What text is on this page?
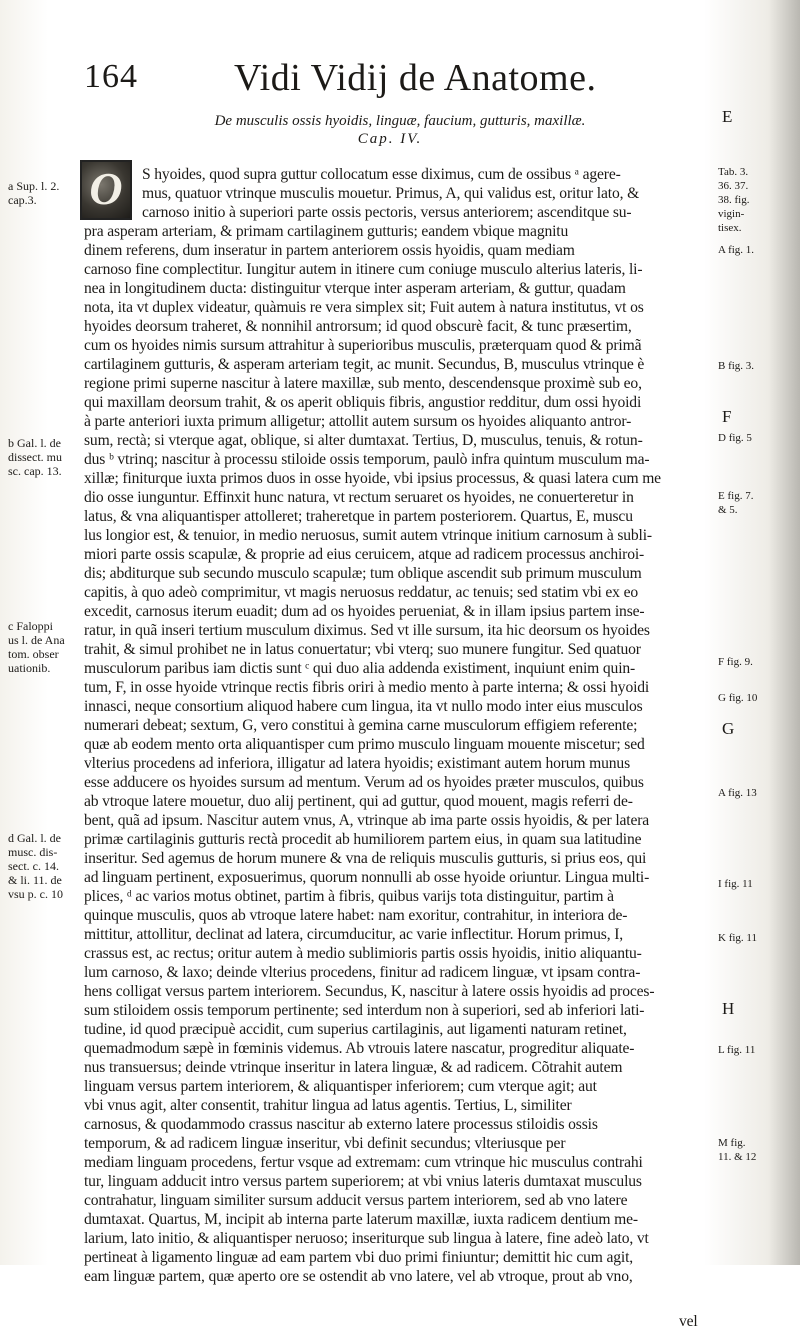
164	Vidi Vidij de Anatome.
De musculis ossis hyoidis, linguæ, faucium, gutturis, maxillæ.
Cap. IV.
O	S hyoides, quod supra guttur collocatum esse diximus, cum de ossibus ᵃ agere-
mus, quatuor vtrinque musculis mouetur. Primus, A, qui validus est, oritur lato, &
carnoso initio à superiori parte ossis pectoris, versus anteriorem; ascenditque su-
pra asperam arteriam, & primam cartilaginem gutturis; eandem vbique magnitu
dinem referens, dum inseratur in partem anteriorem ossis hyoidis, quam mediam
carnoso fine complectitur. Iungitur autem in itinere cum coniuge musculo alterius lateris, li-
nea in longitudinem ducta: distinguitur vterque inter asperam arteriam, & guttur, quadam
nota, ita vt duplex videatur, quàmuis re vera simplex sit; Fuit autem à natura institutus, vt os
hyoides deorsum traheret, & nonnihil antrorsum; id quod obscurè facit, & tunc præsertim,
cum os hyoides nimis sursum attrahitur à superioribus musculis, præterquam quod & primã
cartilaginem gutturis, & asperam arteriam tegit, ac munit. Secundus, B, musculus vtrinque è
regione primi superne nascitur à latere maxillæ, sub mento, descendensque proximè sub eo,
qui maxillam deorsum trahit, & os aperit obliquis fibris, angustior redditur, dum ossi hyoidi
à parte anteriori iuxta primum alligetur; attollit autem sursum os hyoides aliquanto antror-
sum, rectà; si vterque agat, oblique, si alter dumtaxat. Tertius, D, musculus, tenuis, & rotun-
dus ᵇ vtrinq; nascitur à processu stiloide ossis temporum, paulò infra quintum musculum ma-
xillæ; finiturque iuxta primos duos in osse hyoide, vbi ipsius processus, & quasi latera cum me
dio osse iunguntur. Effinxit hunc natura, vt rectum seruaret os hyoides, ne conuerteretur in
latus, & vna aliquantisper attolleret; traheretque in partem posteriorem. Quartus, E, muscu
lus longior est, & tenuior, in medio neruosus, sumit autem vtrinque initium carnosum à subli-
miori parte ossis scapulæ, & proprie ad eius ceruicem, atque ad radicem processus anchiroi-
dis; abditurque sub secundo musculo scapulæ; tum oblique ascendit sub primum musculum
capitis, à quo adeò comprimitur, vt magis neruosus reddatur, ac tenuis; sed statim vbi ex eo
excedit, carnosus iterum euadit; dum ad os hyoides perueniat, & in illam ipsius partem inse-
ratur, in quã inseri tertium musculum diximus. Sed vt ille sursum, ita hic deorsum os hyoides
trahit, & simul prohibet ne in latus conuertatur; vbi vterq; suo munere fungitur. Sed quatuor
musculorum paribus iam dictis sunt ᶜ qui duo alia addenda existiment, inquiunt enim quin-
tum, F, in osse hyoide vtrinque rectis fibris oriri à medio mento à parte interna; & ossi hyoidi
innasci, neque consortium aliquod habere cum lingua, ita vt nullo modo inter eius musculos
numerari debeat; sextum, G, vero constitui à gemina carne musculorum effigiem referente;
quæ ab eodem mento orta aliquantisper cum primo musculo linguam mouente miscetur; sed
vlterius procedens ad inferiora, illigatur ad latera hyoidis; existimant autem horum munus
esse adducere os hyoides sursum ad mentum. Verum ad os hyoides præter musculos, quibus
ab vtroque latere mouetur, duo alij pertinent, qui ad guttur, quod mouent, magis referri de-
bent, quã ad ipsum. Nascitur autem vnus, A, vtrinque ab ima parte ossis hyoidis, & per latera
primæ cartilaginis gutturis rectà procedit ab humiliorem partem eius, in quam sua latitudine
inseritur. Sed agemus de horum munere & vna de reliquis musculis gutturis, si prius eos, qui
ad linguam pertinent, exposuerimus, quorum nonnulli ab osse hyoide oriuntur. Lingua multi-
plices, ᵈ ac varios motus obtinet, partim à fibris, quibus varijs tota distinguitur, partim à
quinque musculis, quos ab vtroque latere habet: nam exoritur, contrahitur, in interiora de-
mittitur, attollitur, declinat ad latera, circumducitur, ac varie inflectitur. Horum primus, I,
crassus est, ac rectus; oritur autem à medio sublimioris partis ossis hyoidis, initio aliquantu-
lum carnoso, & laxo; deinde vlterius procedens, finitur ad radicem linguæ, vt ipsam contra-
hens colligat versus partem interiorem. Secundus, K, nascitur à latere ossis hyoidis ad proces-
sum stiloidem ossis temporum pertinente; sed interdum non à superiori, sed ab inferiori lati-
tudine, id quod præcipuè accidit, cum superius cartilaginis, aut ligamenti naturam retinet,
quemadmodum sæpè in fœminis videmus. Ab vtrouis latere nascatur, progreditur aliquate-
nus transuersus; deinde vtrinque inseritur in latera linguæ, & ad radicem. Cõtrahit autem
linguam versus partem interiorem, & aliquantisper inferiorem; cum vterque agit; aut
vbi vnus agit, alter consentit, trahitur lingua ad latus agentis. Tertius, L, similiter
carnosus, & quodammodo crassus nascitur ab externo latere processus stiloidis ossis
temporum, & ad radicem linguæ inseritur, vbi definit secundus; vlteriusque per
mediam linguam procedens, fertur vsque ad extremam: cum vtrinque hic musculus contrahi
tur, linguam adducit intro versus partem superiorem; at vbi vnius lateris dumtaxat musculus
contrahatur, linguam similiter sursum adducit versus partem interiorem, sed ab vno latere
dumtaxat. Quartus, M, incipit ab interna parte laterum maxillæ, iuxta radicem dentium me-
larium, lato initio, & aliquantisper neruoso; inseriturque sub lingua à latere, fine adeò lato, vt
pertineat à ligamento linguæ ad eam partem vbi duo primi finiuntur; demittit hic cum agit,
eam linguæ partem, quæ aperto ore se ostendit ab vno latere, vel ab vtroque, prout ab vno,
vel
a Sup. l. 2.
cap.3.
b Gal. l. de
dissect. mu
sc. cap. 13.
c Faloppi
us l. de Ana
tom. obser
uationib.
d Gal. l. de
musc. dis-
sect. c. 14.
& li. 11. de
vsu p. c. 10
Tab. 3.
36. 37.
38. fig.
vigin-
tisex.
A fig. 1.
B fig. 3.
D fig. 5
E fig. 7.
& 5.
F fig. 9.
G fig. 10
A fig. 13
I fig. 11
K fig. 11
L fig. 11
M fig.
11. & 12
E
F
G
H
